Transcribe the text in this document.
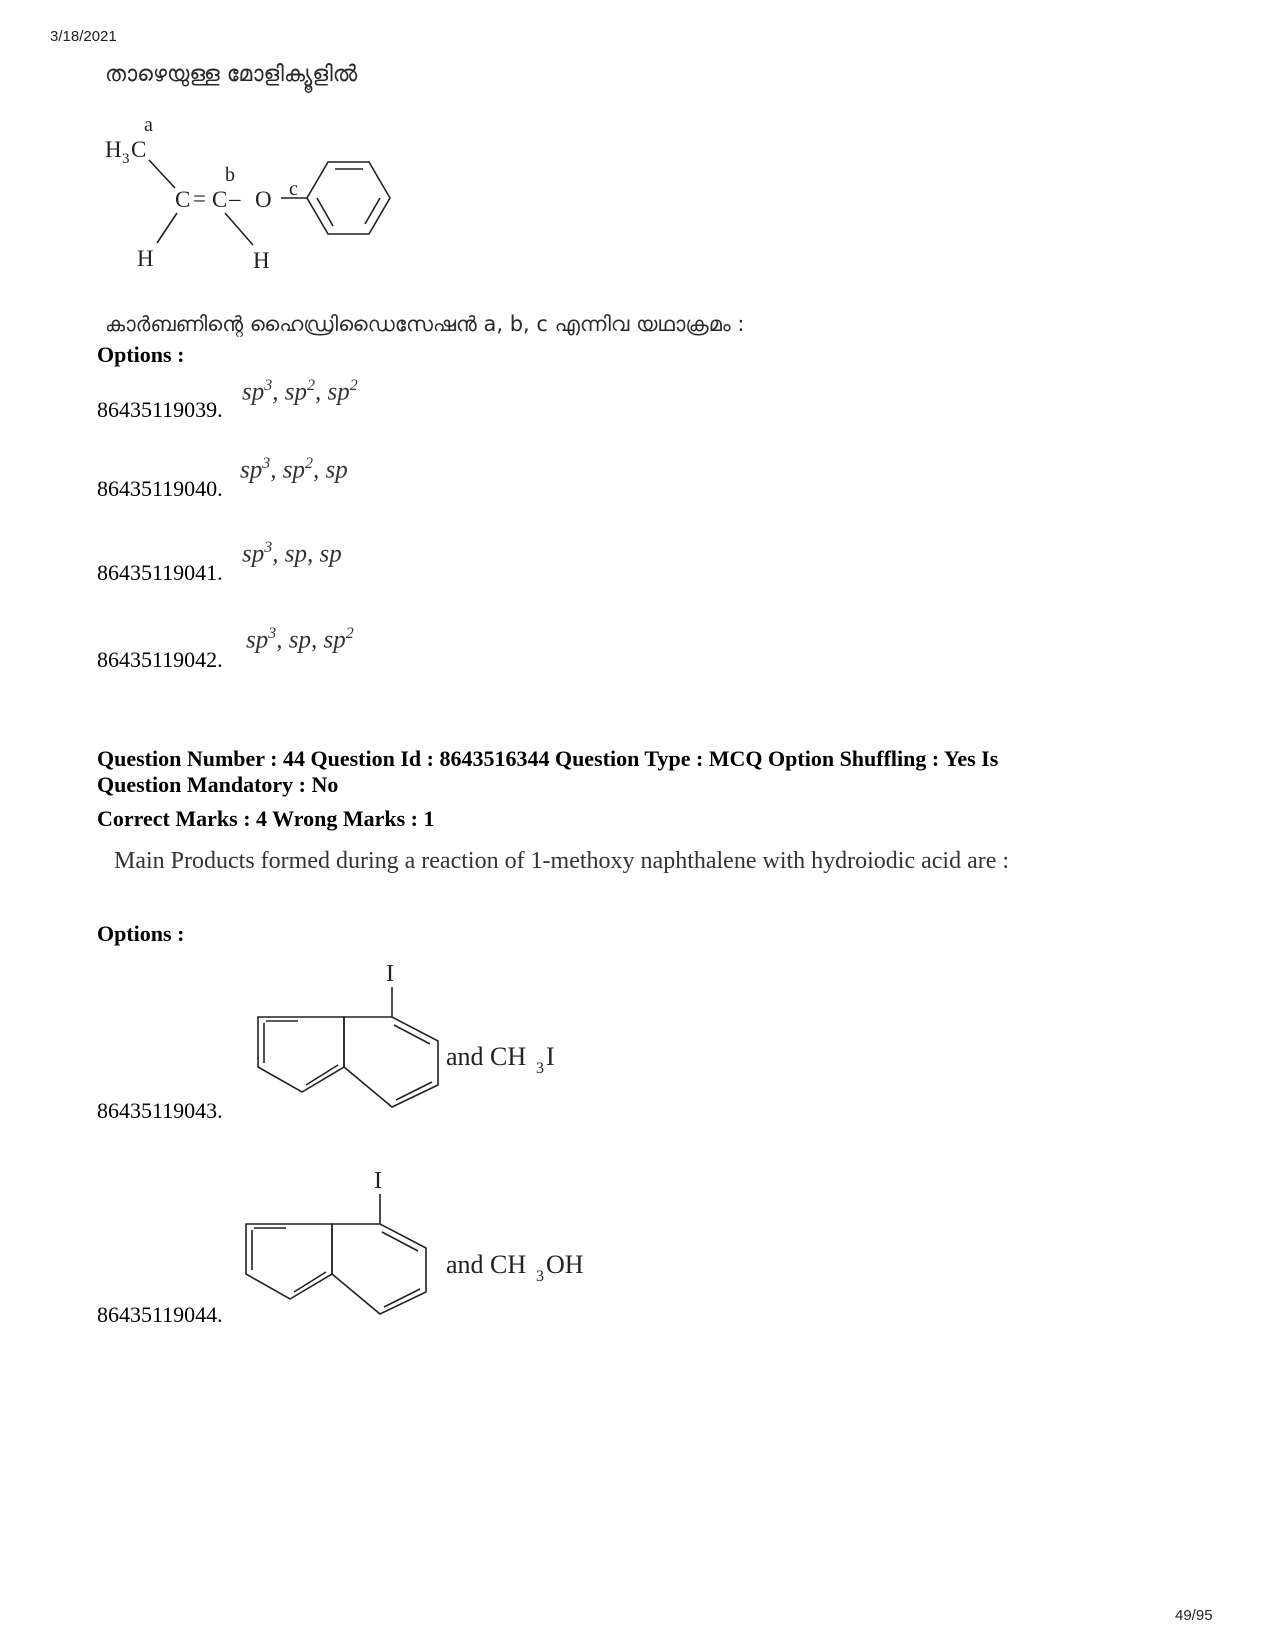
3/18/2021
49/95
താഴെയുള്ള മോളിക്യൂളിൽ
a
b
c
H 3 C
C = C – O
H	H
കാർബണിന്റെ ഹൈഡ്രിഡൈസേഷൻ a, b, c എന്നിവ യഥാക്രമം :
Options :
86435119039.
$sp^3$, $sp^2$, $sp^2$
86435119040.
$sp^3$, $sp^2$, sp
86435119041.
$sp^3$, sp, sp
86435119042.
$sp^3$, sp, $sp^2$
Question Number : 44 Question Id : 8643516344 Question Type : MCQ Option Shuffling : Yes Is
Question Mandatory : No
Correct Marks : 4 Wrong Marks : 1
Main Products formed during a reaction of 1-methoxy naphthalene with hydroiodic acid are :
Options :
86435119043.
I
and CH 3 I
86435119044.
I
and CH 3 OH
